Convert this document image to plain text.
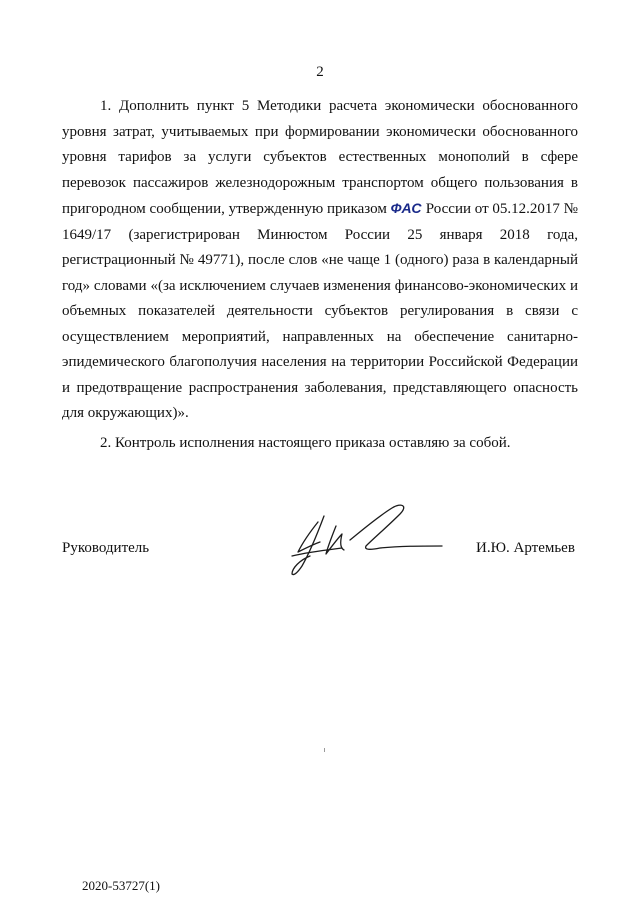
2

1. Дополнить пункт 5 Методики расчета экономически обоснованного уровня затрат, учитываемых при формировании экономически обоснованного уровня тарифов за услуги субъектов естественных монополий в сфере перевозок пассажиров железнодорожным транспортом общего пользования в пригородном сообщении, утвержденную приказом ФАС России от 05.12.2017 № 1649/17 (зарегистрирован Минюстом России 25 января 2018 года, регистрационный № 49771), после слов «не чаще 1 (одного) раза в календарный год» словами «(за исключением случаев изменения финансово-экономических и объемных показателей деятельности субъектов регулирования в связи с осуществлением мероприятий, направленных на обеспечение санитарно-эпидемического благополучия населения на территории Российской Федерации и предотвращение распространения заболевания, представляющего опасность для окружающих)».

2. Контроль исполнения настоящего приказа оставляю за собой.

Руководитель	И.Ю. Артемьев
2020-53727(1)
